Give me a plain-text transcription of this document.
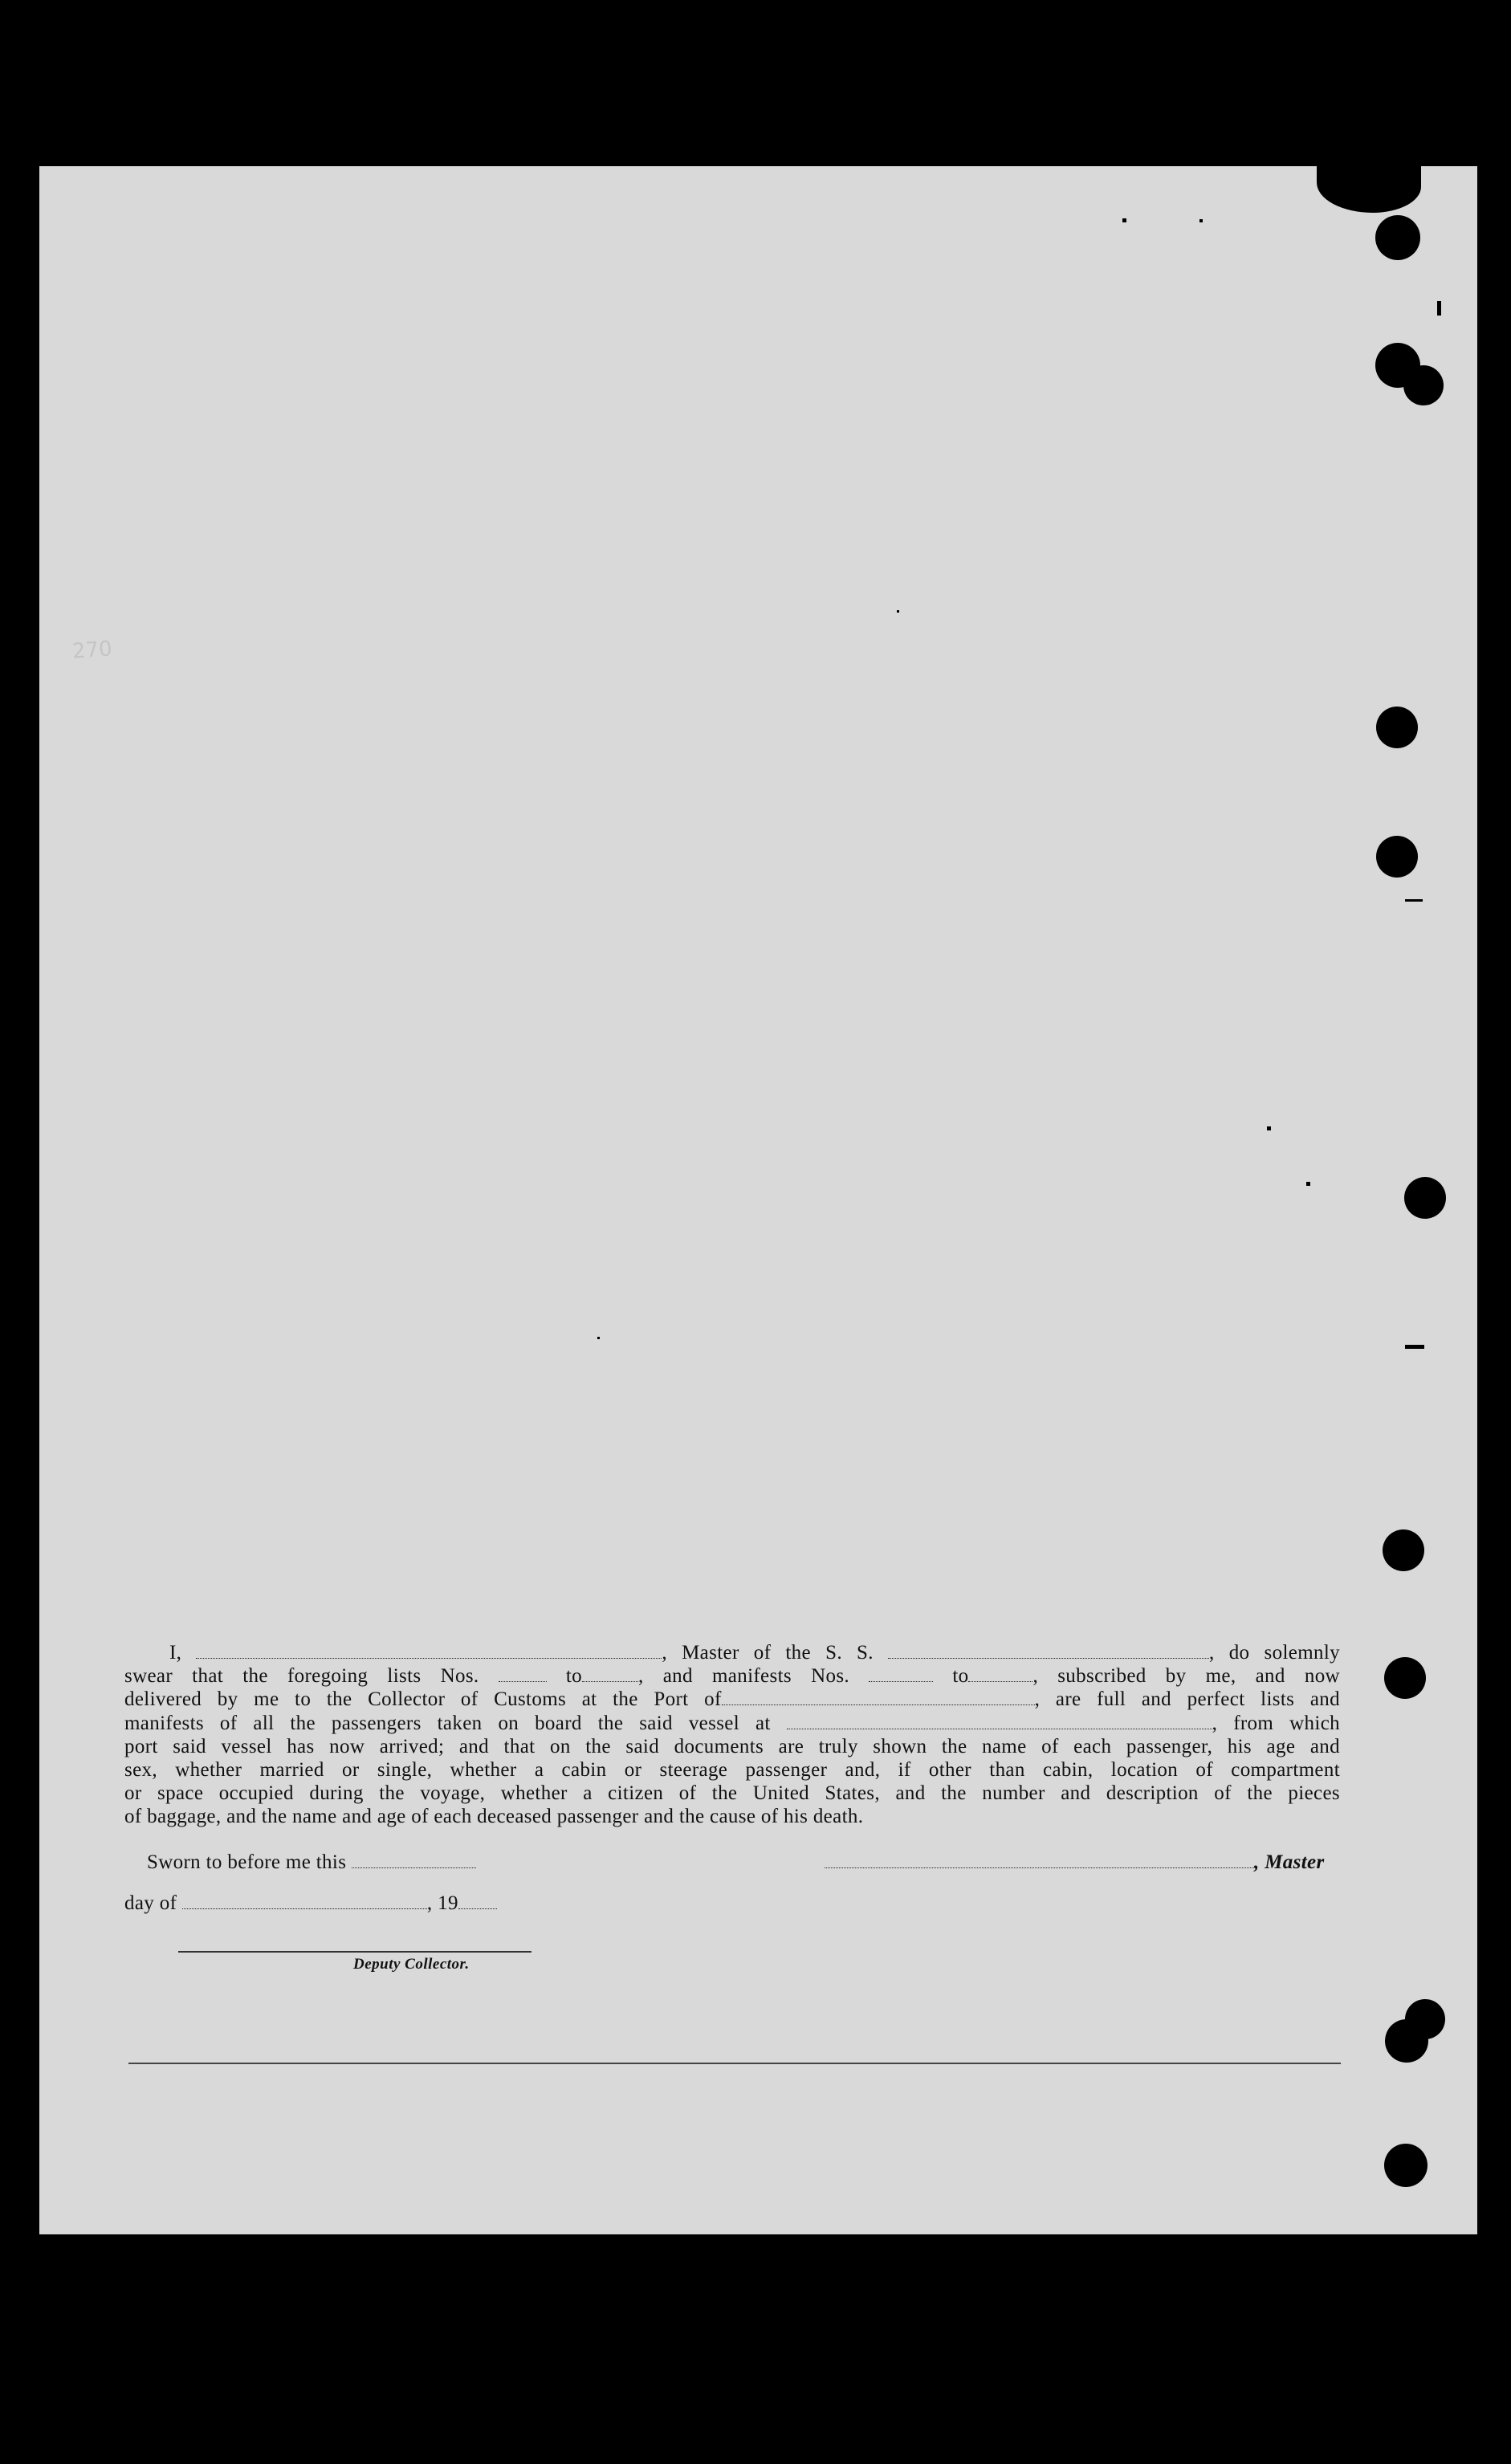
270
I,	, Master of the S. S.	, do solemnly
swear that the foregoing lists Nos.	to	, and manifests Nos.	to	, subscribed by me, and now
delivered by me to the Collector of Customs at the Port of	, are full and perfect lists and
manifests of all the passengers taken on board the said vessel at	, from which
port said vessel has now arrived; and that on the said documents are truly shown the name of each passenger, his age and
sex, whether married or single, whether a cabin or steerage passenger and, if other than cabin, location of compartment
or space occupied during the voyage, whether a citizen of the United States, and the number and description of the pieces
of baggage, and the name and age of each deceased passenger and the cause of his death.
Sworn to before me this	, Master
day of	, 19
Deputy Collector.
